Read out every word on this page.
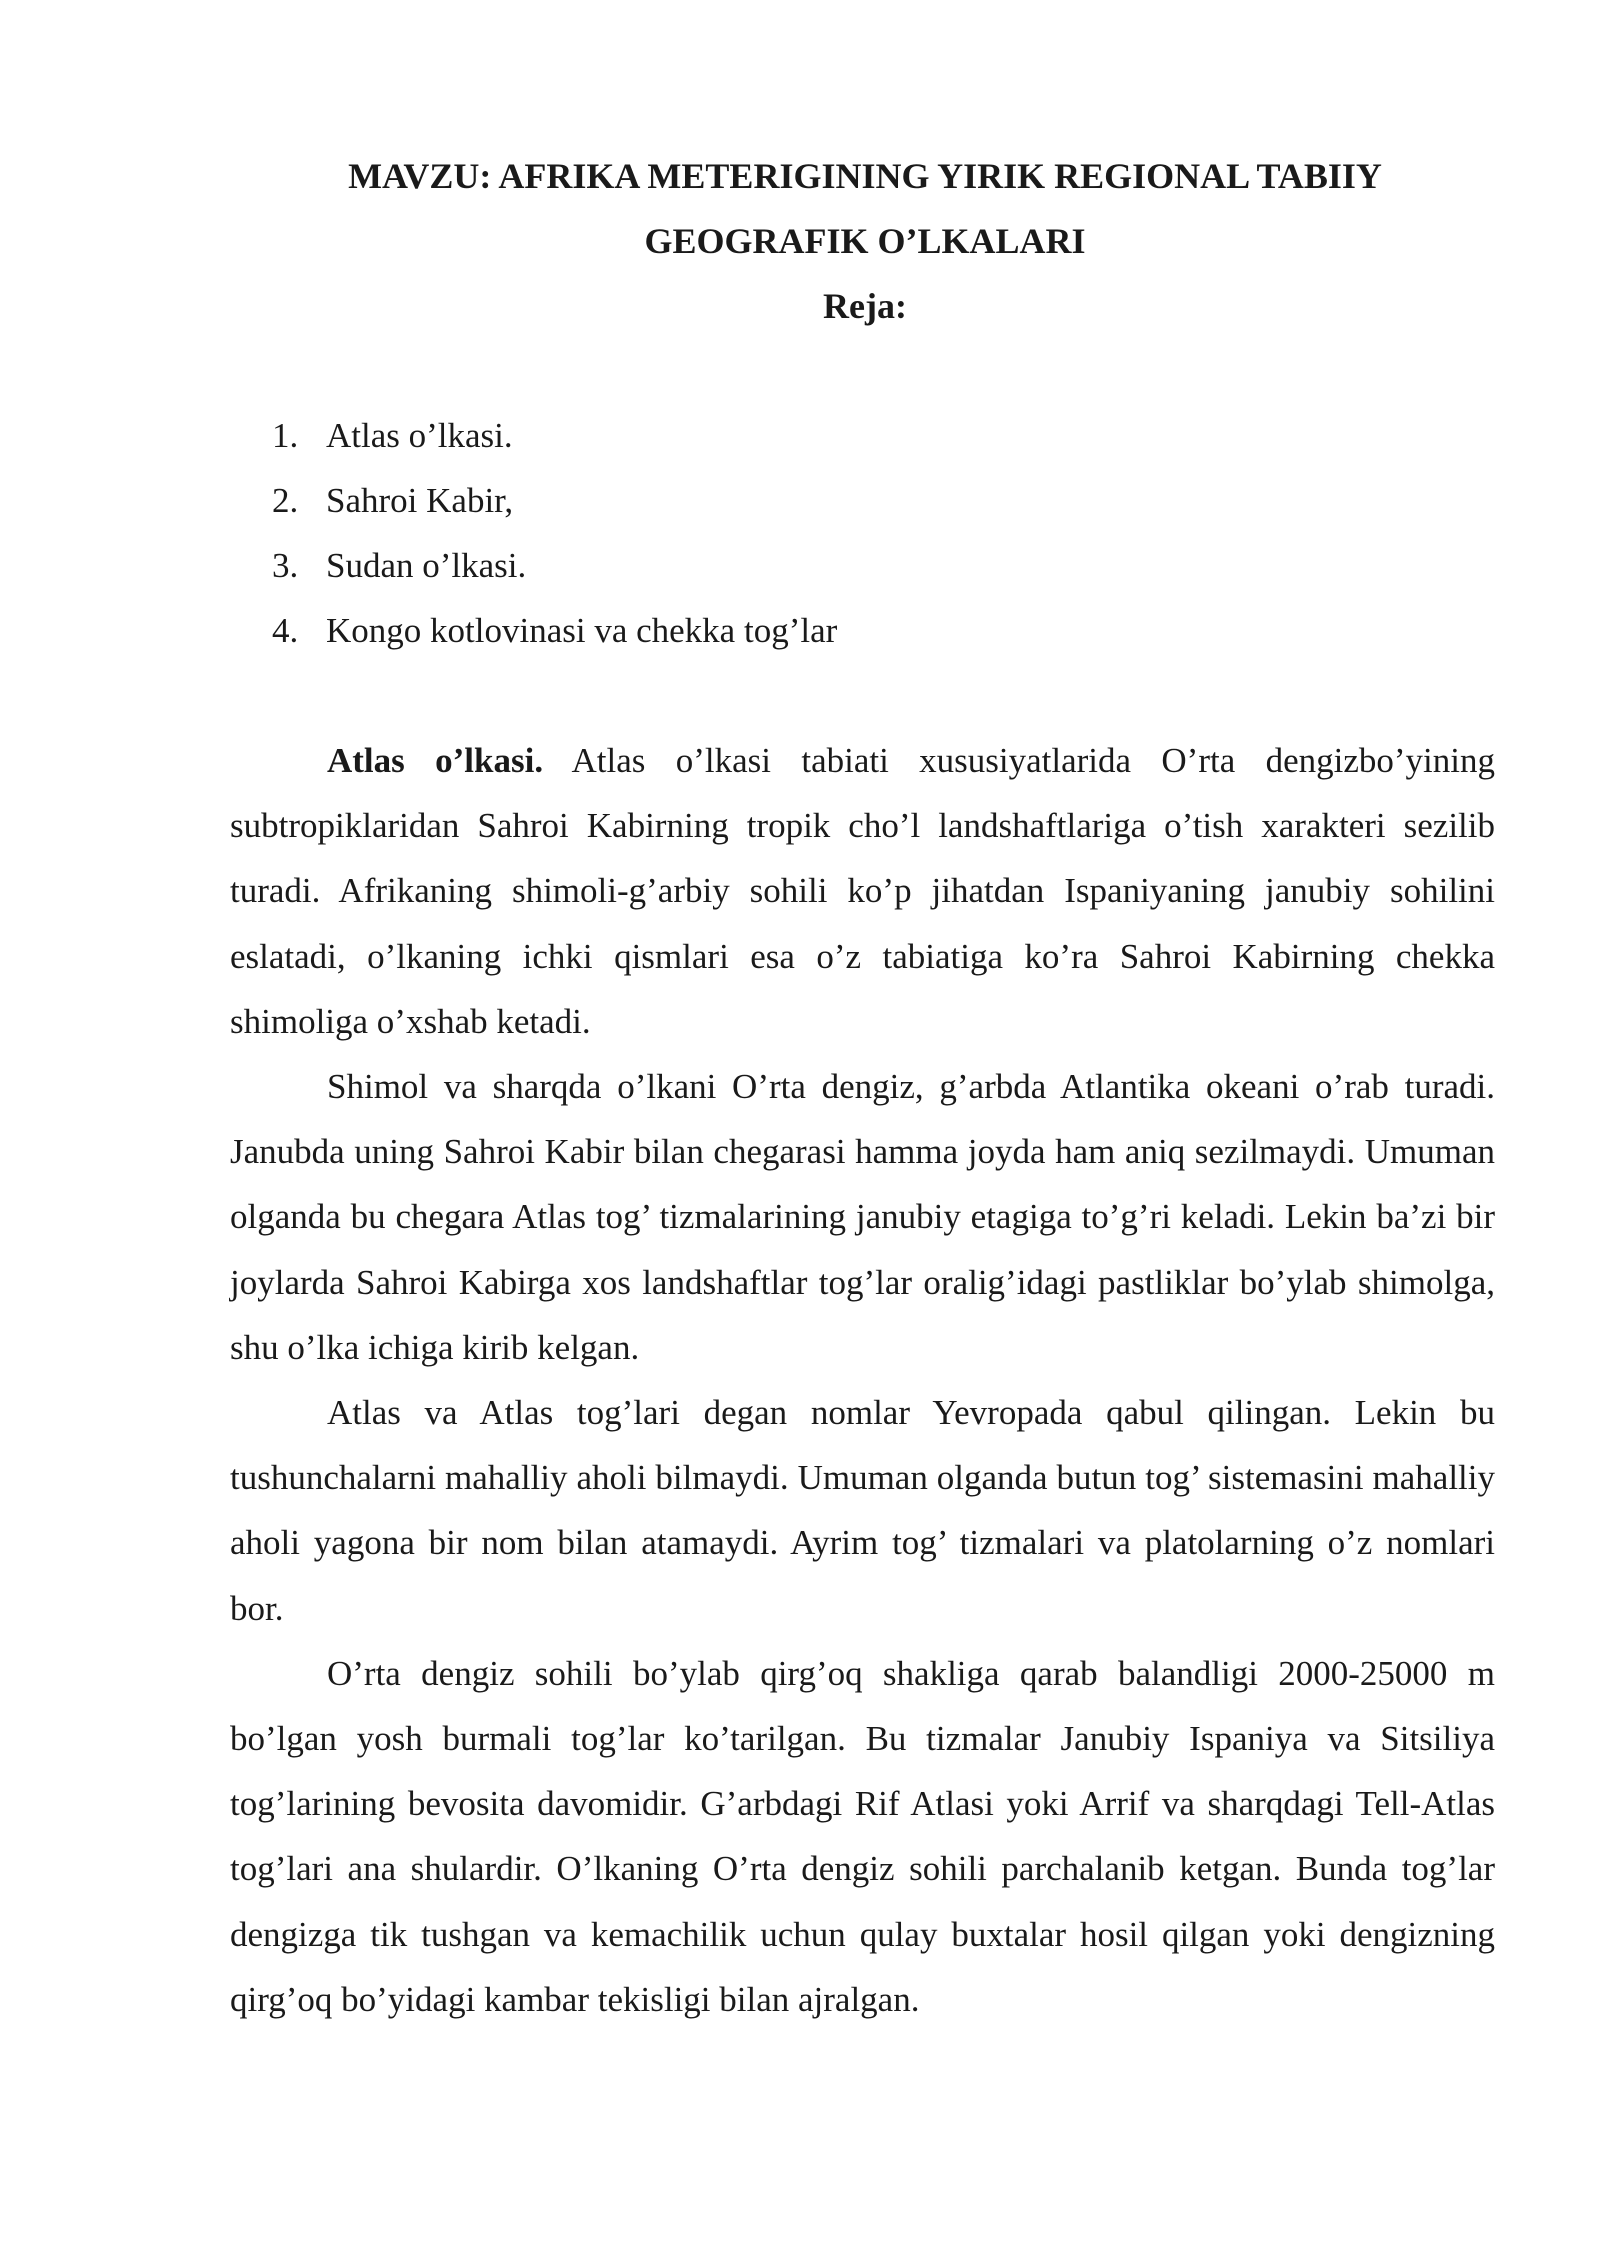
MAVZU: AFRIKA METERIGINING YIRIK REGIONAL TABIIY
GEOGRAFIK O’LKALARI
Reja:
1. Atlas o’lkasi.
2. Sahroi Kabir,
3. Sudan o’lkasi.
4. Kongo kotlovinasi va chekka tog’lar

Atlas o’lkasi. Atlas o’lkasi tabiati xususiyatlarida O’rta dengizbo’yining subtropiklaridan Sahroi Kabirning tropik cho’l landshaftlariga o’tish xarakteri sezilib turadi. Afrikaning shimoli-g’arbiy sohili ko’p jihatdan Ispaniyaning janubiy sohilini eslatadi, o’lkaning ichki qismlari esa o’z tabiatiga ko’ra Sahroi Kabirning chekka shimoliga o’xshab ketadi.

Shimol va sharqda o’lkani O’rta dengiz, g’arbda Atlantika okeani o’rab turadi. Janubda uning Sahroi Kabir bilan chegarasi hamma joyda ham aniq sezilmaydi. Umuman olganda bu chegara Atlas tog’ tizmalarining janubiy etagiga to’g’ri keladi. Lekin ba’zi bir joylarda Sahroi Kabirga xos landshaftlar tog’lar oralig’idagi pastliklar bo’ylab shimolga, shu o’lka ichiga kirib kelgan.

Atlas va Atlas tog’lari degan nomlar Yevropada qabul qilingan. Lekin bu tushunchalarni mahalliy aholi bilmaydi. Umuman olganda butun tog’ sistemasini mahalliy aholi yagona bir nom bilan atamaydi. Ayrim tog’ tizmalari va platolarning o’z nomlari bor.

O’rta dengiz sohili bo’ylab qirg’oq shakliga qarab balandligi 2000-25000 m bo’lgan yosh burmali tog’lar ko’tarilgan. Bu tizmalar Janubiy Ispaniya va Sitsiliya tog’larining bevosita davomidir. G’arbdagi Rif Atlasi yoki Arrif va sharqdagi Tell-Atlas tog’lari ana shulardir. O’lkaning O’rta dengiz sohili parchalanib ketgan. Bunda tog’lar dengizga tik tushgan va kemachilik uchun qulay buxtalar hosil qilgan yoki dengizning qirg’oq bo’yidagi kambar tekisligi bilan ajralgan.
